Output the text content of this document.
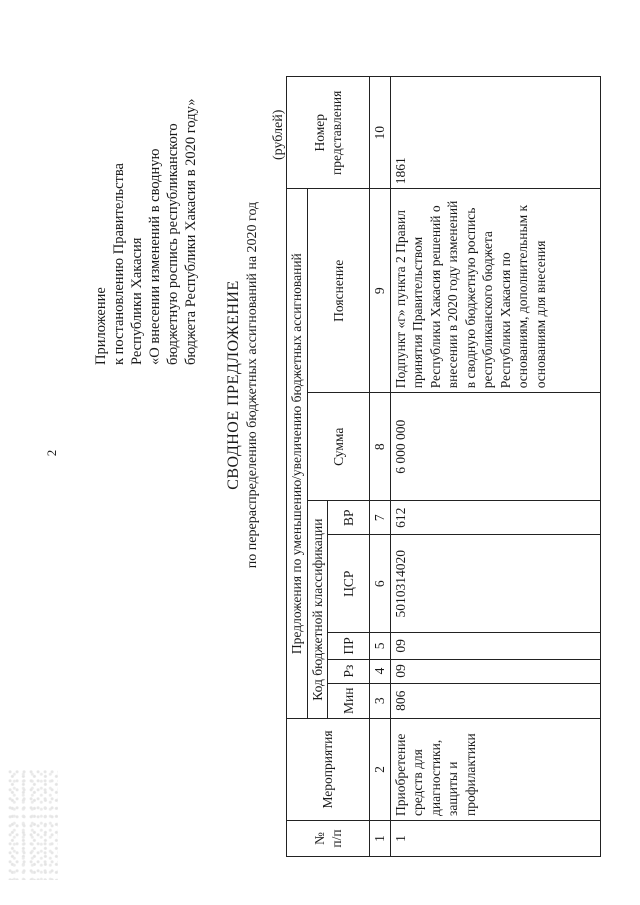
2
Приложение к постановлению Правительства Республики Хакасия «О внесении изменений в сводную бюджетную роспись республиканского бюджета Республики Хакасия в 2020 году»
СВОДНОЕ ПРЕДЛОЖЕНИЕ по перераспределению бюджетных ассигнований на 2020 год
(рублей)
№ п/п	Мероприятия	Предложения по уменьшению/увеличению бюджетных ассигнований							Номер представления
		Код бюджетной классификации					Сумма	Пояснение	
		Мин	Рз	ПР	ЦСР	ВР			
1	2	3	4	5	6	7	8	9	10
1	Приобретение средств для диагностики, защиты и профилактики	806	09	09	5010314020	612	6 000 000	Подпункт «г» пункта 2 Правил принятия Правительством Республики Хакасия решений о внесении в 2020 году изменений в сводную бюджетную роспись республиканского бюджета Республики Хакасия по основаниям, дополнительным к основаниям для внесения	1861
